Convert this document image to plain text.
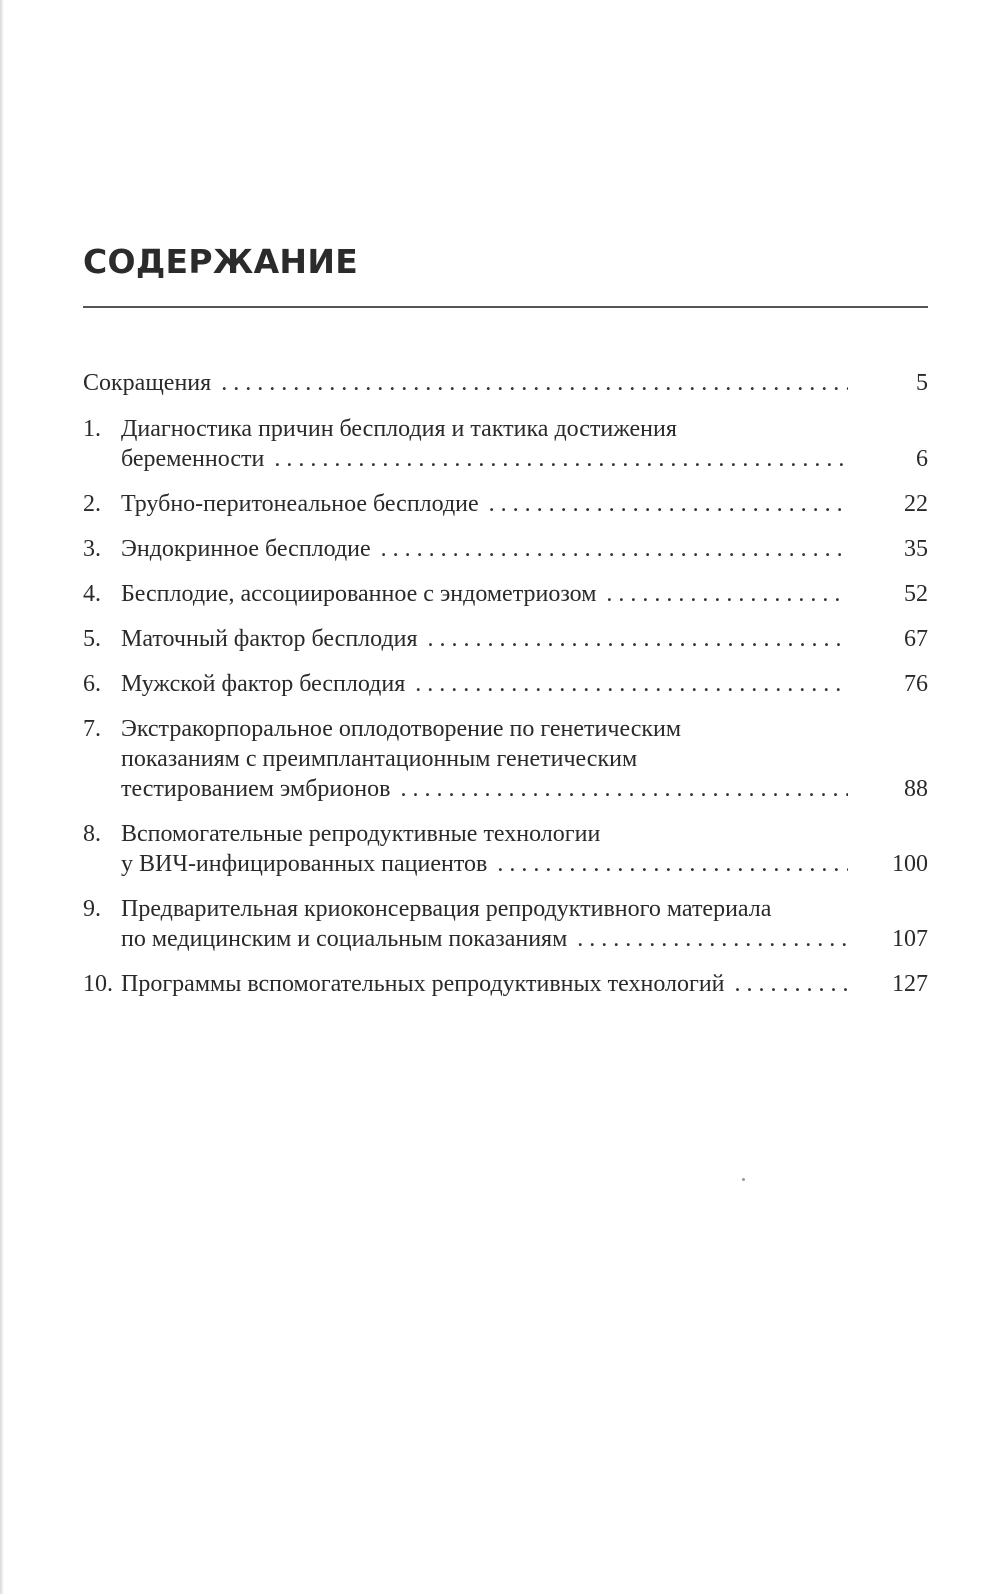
СОДЕРЖАНИЕ
Сокращения . . .	5
1. Диагностика причин бесплодия и тактика достижения
беременности . . .	6
2. Трубно-перитонеальное бесплодие . . .	22
3. Эндокринное бесплодие . . .	35
4. Бесплодие, ассоциированное с эндометриозом . . .	52
5. Маточный фактор бесплодия . . .	67
6. Мужской фактор бесплодия . . .	76
7. Экстракорпоральное оплодотворение по генетическим
показаниям с преимплантационным генетическим
тестированием эмбрионов . . .	88
8. Вспомогательные репродуктивные технологии
у ВИЧ-инфицированных пациентов . . .	100
9. Предварительная криоконсервация репродуктивного материала
по медицинским и социальным показаниям . . .	107
10. Программы вспомогательных репродуктивных технологий . . .	127
